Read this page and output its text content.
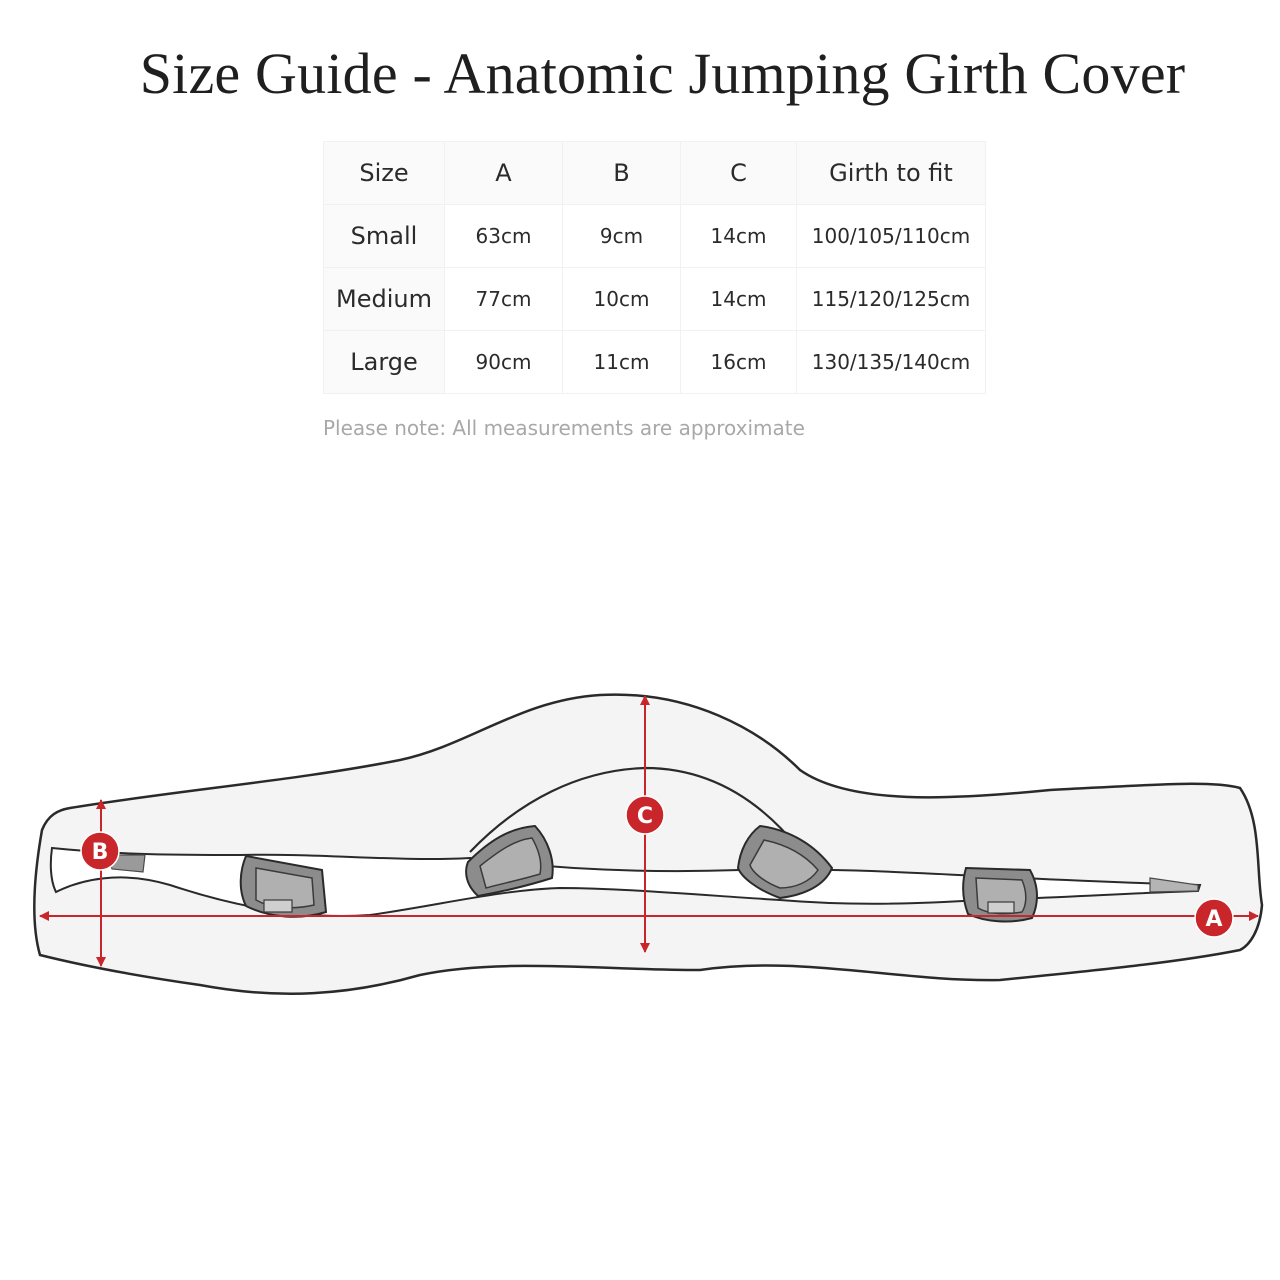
Size Guide - Anatomic Jumping Girth Cover
Size	A	B	C	Girth to fit
Small	63cm	9cm	14cm	100/105/110cm
Medium	77cm	10cm	14cm	115/120/125cm
Large	90cm	11cm	16cm	130/135/140cm
Please note: All measurements are approximate
A
B
C
